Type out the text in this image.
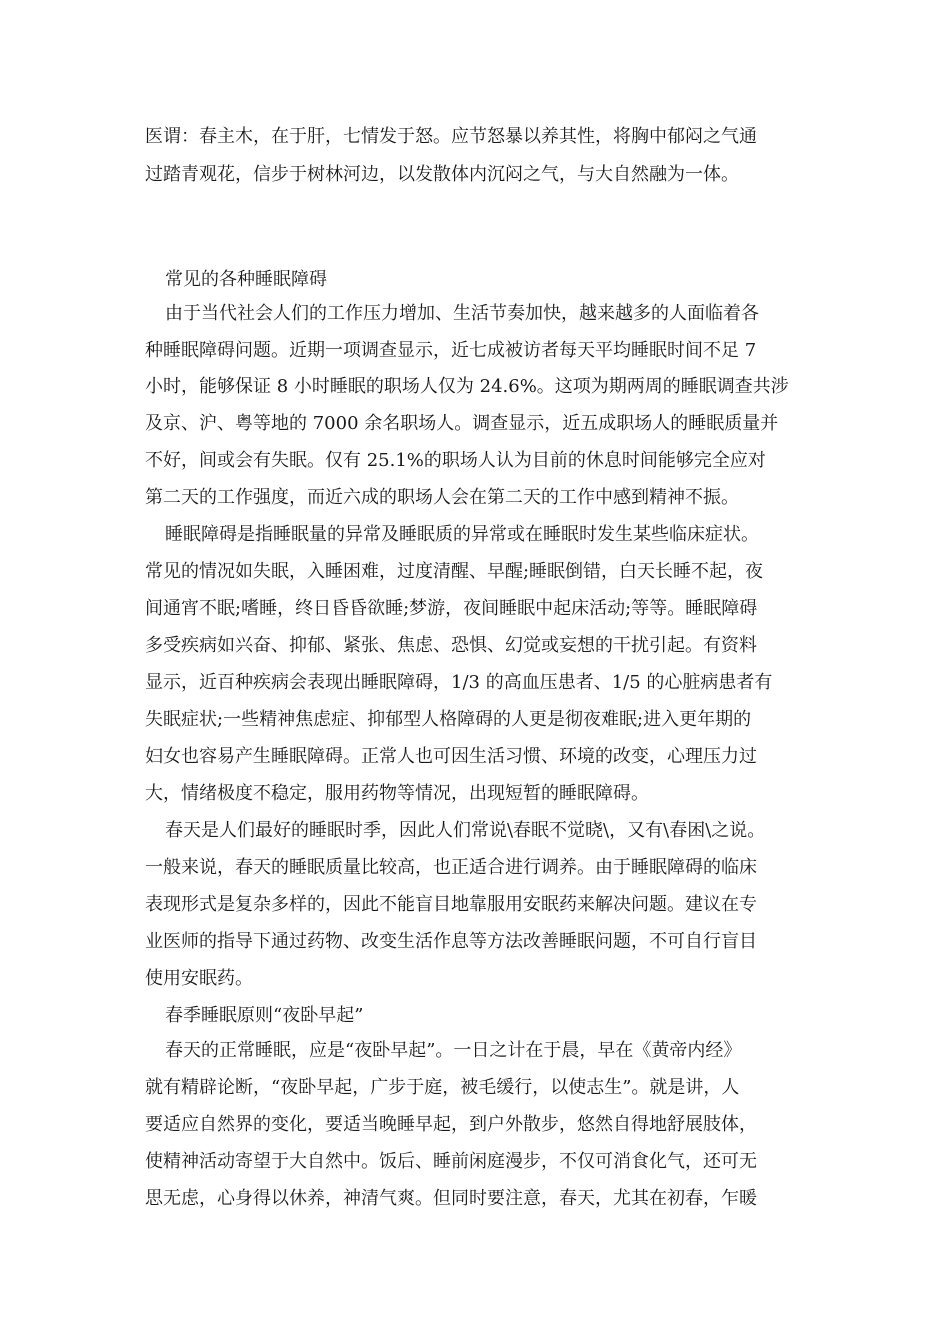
医谓：春主木，在于肝，七情发于怒。应节怒暴以养其性，将胸中郁闷之气通

过踏青观花，信步于树林河边，以发散体内沉闷之气，与大自然融为一体。

常见的各种睡眠障碍

由于当代社会人们的工作压力增加、生活节奏加快，越来越多的人面临着各

种睡眠障碍问题。近期一项调查显示，近七成被访者每天平均睡眠时间不足 7

小时，能够保证 8 小时睡眠的职场人仅为 24.6%。这项为期两周的睡眠调查共涉

及京、沪、粤等地的 7000 余名职场人。调查显示，近五成职场人的睡眠质量并

不好，间或会有失眠。仅有 25.1%的职场人认为目前的休息时间能够完全应对

第二天的工作强度，而近六成的职场人会在第二天的工作中感到精神不振。

睡眠障碍是指睡眠量的异常及睡眠质的异常或在睡眠时发生某些临床症状。

常见的情况如失眠，入睡困难，过度清醒、早醒;睡眠倒错，白天长睡不起，夜

间通宵不眠;嗜睡，终日昏昏欲睡;梦游，夜间睡眠中起床活动;等等。睡眠障碍

多受疾病如兴奋、抑郁、紧张、焦虑、恐惧、幻觉或妄想的干扰引起。有资料

显示，近百种疾病会表现出睡眠障碍，1/3 的高血压患者、1/5 的心脏病患者有

失眠症状;一些精神焦虑症、抑郁型人格障碍的人更是彻夜难眠;进入更年期的

妇女也容易产生睡眠障碍。正常人也可因生活习惯、环境的改变，心理压力过

大，情绪极度不稳定，服用药物等情况，出现短暂的睡眠障碍。

春天是人们最好的睡眠时季，因此人们常说\春眠不觉晓\，又有\春困\之说。

一般来说，春天的睡眠质量比较高，也正适合进行调养。由于睡眠障碍的临床

表现形式是复杂多样的，因此不能盲目地靠服用安眠药来解决问题。建议在专

业医师的指导下通过药物、改变生活作息等方法改善睡眠问题，不可自行盲目

使用安眠药。

春季睡眠原则“夜卧早起”

春天的正常睡眠，应是“夜卧早起”。一日之计在于晨，早在《黄帝内经》

就有精辟论断，“夜卧早起，广步于庭，被毛缓行，以使志生”。就是讲，人

要适应自然界的变化，要适当晚睡早起，到户外散步，悠然自得地舒展肢体，

使精神活动寄望于大自然中。饭后、睡前闲庭漫步，不仅可消食化气，还可无

思无虑，心身得以休养，神清气爽。但同时要注意，春天，尤其在初春，乍暖
